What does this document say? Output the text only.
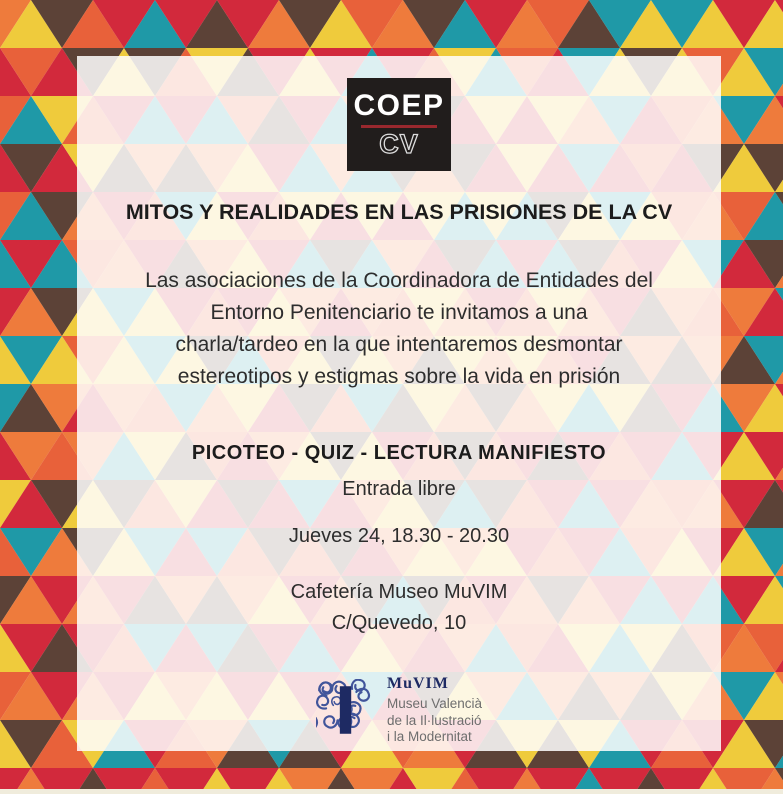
COEP
CV
MITOS Y REALIDADES EN LAS PRISIONES DE LA CV
Las asociaciones de la Coordinadora de Entidades del
Entorno Penitenciario te invitamos a una
charla/tardeo en la que intentaremos desmontar
estereotipos y estigmas sobre la vida en prisión
PICOTEO - QUIZ - LECTURA MANIFIESTO
Entrada libre
Jueves 24, 18.30 - 20.30
Cafetería Museo MuVIM
C/Quevedo, 10
MuVIM
Museu Valencià
de la Il·lustració
i la Modernitat
